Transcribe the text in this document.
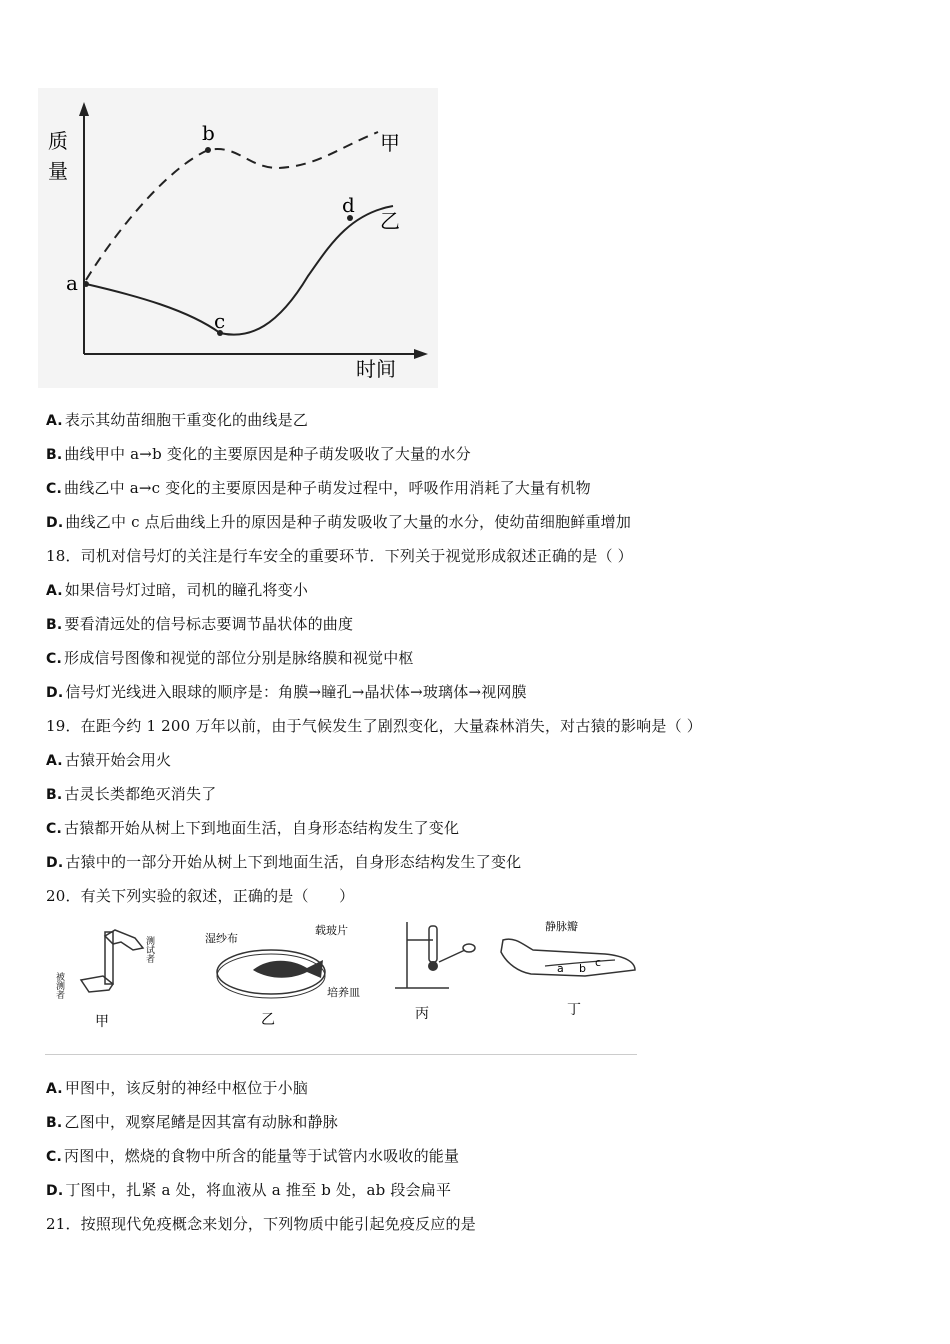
质
量
时间
甲
乙
a
b
c
d
A. 表示其幼苗细胞干重变化的曲线是乙
B. 曲线甲中 a→b 变化的主要原因是种子萌发吸收了大量的水分
C. 曲线乙中 a→c 变化的主要原因是种子萌发过程中，呼吸作用消耗了大量有机物
D. 曲线乙中 c 点后曲线上升的原因是种子萌发吸收了大量的水分，使幼苗细胞鲜重增加
18．司机对信号灯的关注是行车安全的重要环节．下列关于视觉形成叙述正确的是（ ）
A. 如果信号灯过暗，司机的瞳孔将变小
B. 要看清远处的信号标志要调节晶状体的曲度
C. 形成信号图像和视觉的部位分别是脉络膜和视觉中枢
D. 信号灯光线进入眼球的顺序是：角膜→瞳孔→晶状体→玻璃体→视网膜
19．在距今约 1 200 万年以前，由于气候发生了剧烈变化，大量森林消失，对古猿的影响是（ ）
A. 古猿开始会用火
B. 古灵长类都绝灭消失了
C. 古猿都开始从树上下到地面生活，自身形态结构发生了变化
D. 古猿中的一部分开始从树上下到地面生活，自身形态结构发生了变化
20．有关下列实验的叙述，正确的是（　　）
测试者
被测者
甲
湿纱布
载玻片
培养皿
乙	丙
静脉瓣
a b c
丁
A. 甲图中，该反射的神经中枢位于小脑
B. 乙图中，观察尾鳍是因其富有动脉和静脉
C. 丙图中，燃烧的食物中所含的能量等于试管内水吸收的能量
D. 丁图中，扎紧 a 处，将血液从 a 推至 b 处，ab 段会扁平
21．按照现代免疫概念来划分，下列物质中能引起免疫反应的是
